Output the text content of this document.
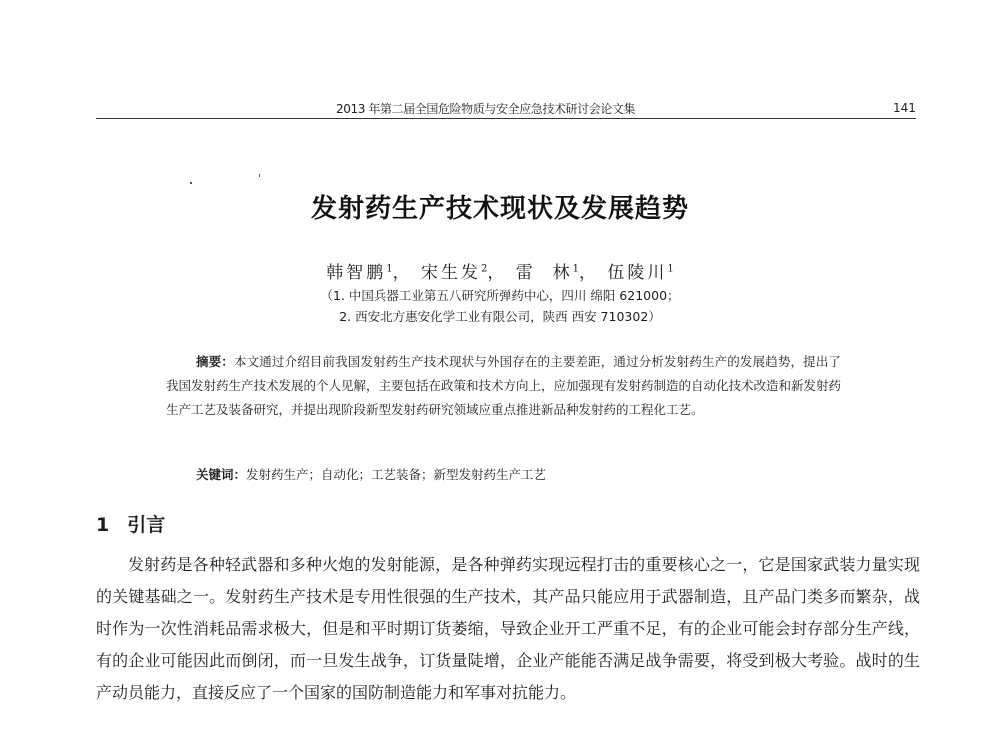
2013 年第二届全国危险物质与安全应急技术研讨会论文集	141
发射药生产技术现状及发展趋势
韩智鹏$^1$， 宋生发$^2$， 雷  林$^1$， 伍陵川$^1$
（1. 中国兵器工业第五八研究所弹药中心，四川 绵阳 621000；
2. 西安北方惠安化学工业有限公司，陕西 西安 710302）
摘要：本文通过介绍目前我国发射药生产技术现状与外国存在的主要差距，通过分析发射药生产的发展趋势，提出了我国发射药生产技术发展的个人见解，主要包括在政策和技术方向上，应加强现有发射药制造的自动化技术改造和新发射药生产工艺及装备研究，并提出现阶段新型发射药研究领域应重点推进新品种发射药的工程化工艺。
关键词：发射药生产；自动化；工艺装备；新型发射药生产工艺
1 引言
发射药是各种轻武器和多种火炮的发射能源，是各种弹药实现远程打击的重要核心之一，它是国家武装力量实现的关键基础之一。发射药生产技术是专用性很强的生产技术，其产品只能应用于武器制造，且产品门类多而繁杂，战时作为一次性消耗品需求极大，但是和平时期订货萎缩，导致企业开工严重不足，有的企业可能会封存部分生产线，有的企业可能因此而倒闭，而一旦发生战争，订货量陡增，企业产能能否满足战争需要，将受到极大考验。战时的生产动员能力，直接反应了一个国家的国防制造能力和军事对抗能力。
